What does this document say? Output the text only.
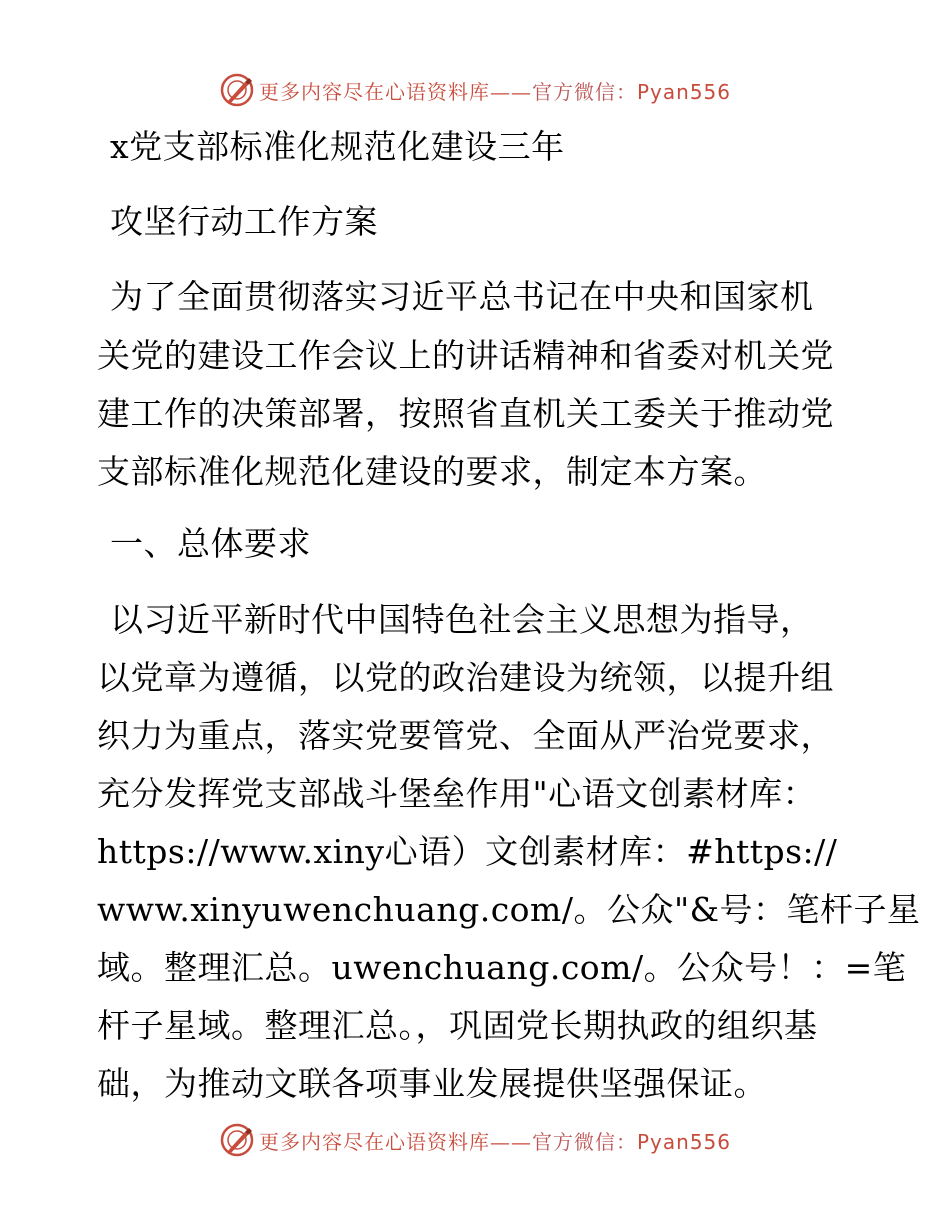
更多内容尽在心语资料库——官方微信：Pyan556
x党支部标准化规范化建设三年
攻坚行动工作方案
为了全面贯彻落实习近平总书记在中央和国家机
关党的建设工作会议上的讲话精神和省委对机关党
建工作的决策部署，按照省直机关工委关于推动党
支部标准化规范化建设的要求，制定本方案。
一、总体要求
以习近平新时代中国特色社会主义思想为指导，
以党章为遵循，以党的政治建设为统领，以提升组
织力为重点，落实党要管党、全面从严治党要求，
充分发挥党支部战斗堡垒作用"心语文创素材库：
https://www.xiny心语）文创素材库：#https://
www.xinyuwenchuang.com/。公众"&号：笔杆子星
域。整理汇总。uwenchuang.com/。公众号！：=笔
杆子星域。整理汇总。，巩固党长期执政的组织基
础，为推动文联各项事业发展提供坚强保证。
更多内容尽在心语资料库——官方微信：Pyan556
